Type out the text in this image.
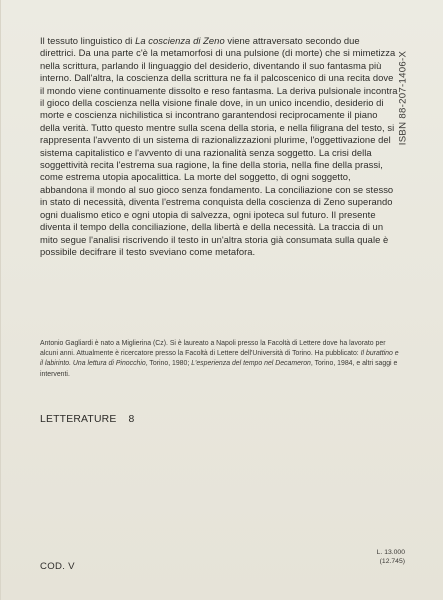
Il tessuto linguistico di La coscienza di Zeno viene attraversato secondo due direttrici. Da una parte c'è la metamorfosi di una pulsione (di morte) che si mimetizza nella scrittura, parlando il linguaggio del desiderio, diventando il suo fantasma più interno. Dall'altra, la coscienza della scrittura ne fa il palcoscenico di una recita dove il mondo viene continuamente dissolto e reso fantasma. La deriva pulsionale incontra il gioco della coscienza nella visione finale dove, in un unico incendio, desiderio di morte e coscienza nichilistica si incontrano garantendosi reciprocamente il piano della verità. Tutto questo mentre sulla scena della storia, e nella filigrana del testo, si rappresenta l'avvento di un sistema di razionalizzazioni plurime, l'oggettivazione del sistema capitalistico e l'avvento di una razionalità senza soggetto. La crisi della soggettività recita l'estrema sua ragione, la fine della storia, nella fine della prassi, come estrema utopia apocalittica. La morte del soggetto, di ogni soggetto, abbandona il mondo al suo gioco senza fondamento. La conciliazione con se stesso in stato di necessità, diventa l'estrema conquista della coscienza di Zeno superando ogni dualismo etico e ogni utopia di salvezza, ogni ipoteca sul futuro. Il presente diventa il tempo della conciliazione, della libertà e della necessità. La traccia di un mito segue l'analisi riscrivendo il testo in un'altra storia già consumata sulla quale è possibile decifrare il testo sveviano come metafora.

ISBN 88-207-1406-X

Antonio Gagliardi è nato a Miglierina (Cz). Si è laureato a Napoli presso la Facoltà di Lettere dove ha lavorato per alcuni anni. Attualmente è ricercatore presso la Facoltà di Lettere dell'Università di Torino. Ha pubblicato: Il burattino e il labirinto. Una lettura di Pinocchio, Torino, 1980; L'esperienza del tempo nel Decameron, Torino, 1984, e altri saggi e interventi.

LETTERATURE 8
COD. V
L. 13.000
(12.745)
